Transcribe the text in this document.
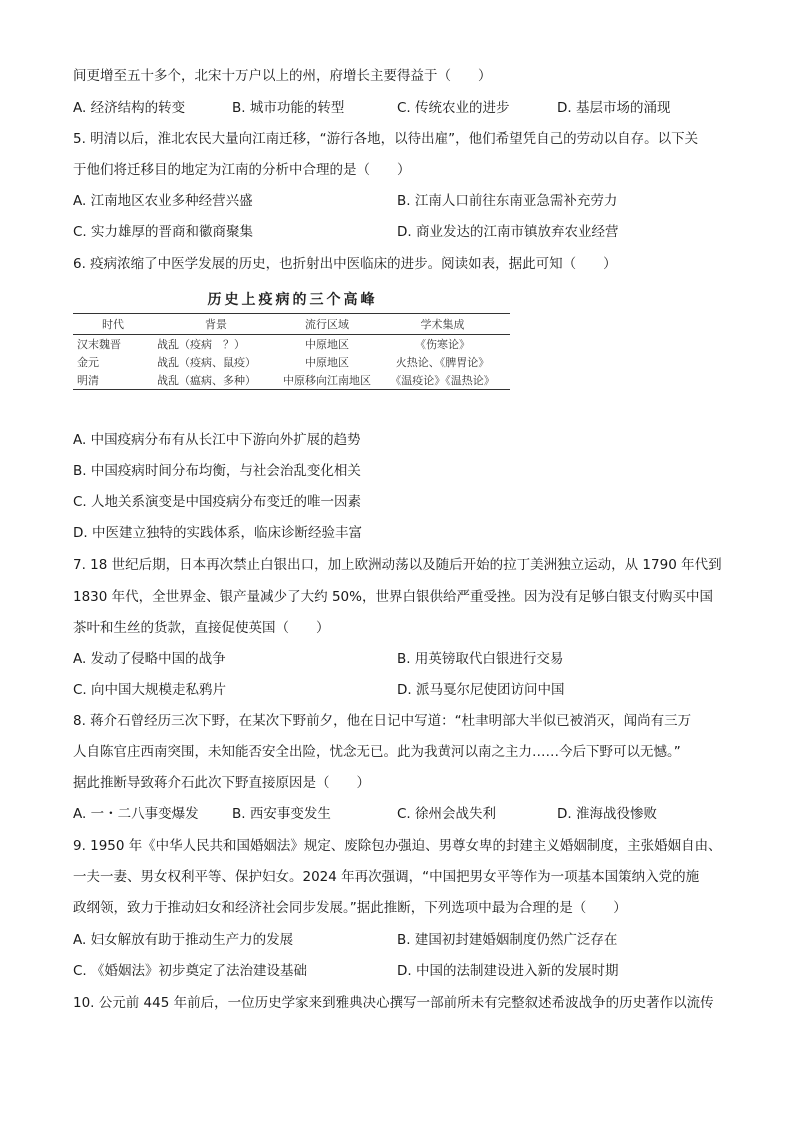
间更增至五十多个，北宋十万户以上的州，府增长主要得益于（　　）
A. 经济结构的转变	B. 城市功能的转型	C. 传统农业的进步	D. 基层市场的涌现
5. 明清以后，淮北农民大量向江南迁移，“游行各地，以待出雇”，他们希望凭自己的劳动以自存。以下关
于他们将迁移目的地定为江南的分析中合理的是（　　）
A. 江南地区农业多种经营兴盛	B. 江南人口前往东南亚急需补充劳力
C. 实力雄厚的晋商和徽商聚集	D. 商业发达的江南市镇放弃农业经营
6. 疫病浓缩了中医学发展的历史，也折射出中医临床的进步。阅读如表，据此可知（　　）
历史上疫病的三个高峰
时代	背景	流行区域	学术集成
汉末魏晋	战乱（疫病　？）	中原地区	《伤寒论》
金元	战乱（疫病、鼠疫）	中原地区	火热论、《脾胃论》
明清	战乱（瘟病、多种）	中原移向江南地区	《温疫论》《温热论》
A. 中国疫病分布有从长江中下游向外扩展的趋势
B. 中国疫病时间分布均衡，与社会治乱变化相关
C. 人地关系演变是中国疫病分布变迁的唯一因素
D. 中医建立独特的实践体系，临床诊断经验丰富
7. 18 世纪后期，日本再次禁止白银出口，加上欧洲动荡以及随后开始的拉丁美洲独立运动，从 1790 年代到
1830 年代，全世界金、银产量减少了大约 50%，世界白银供给严重受挫。因为没有足够白银支付购买中国
茶叶和生丝的货款，直接促使英国（　　）
A. 发动了侵略中国的战争	B. 用英镑取代白银进行交易
C. 向中国大规模走私鸦片	D. 派马戛尔尼使团访问中国
8. 蒋介石曾经历三次下野，在某次下野前夕，他在日记中写道：“杜聿明部大半似已被消灭，闻尚有三万
人自陈官庄西南突围，未知能否安全出险，忧念无已。此为我黄河以南之主力……今后下野可以无憾。”
据此推断导致蒋介石此次下野直接原因是（　　）
A. 一・二八事变爆发 B. 西安事变发生	C. 徐州会战失利	D. 淮海战役惨败
9. 1950 年《中华人民共和国婚姻法》规定、废除包办强迫、男尊女卑的封建主义婚姻制度，主张婚姻自由、
一夫一妻、男女权利平等、保护妇女。2024 年再次强调，“中国把男女平等作为一项基本国策纳入党的施
政纲领，致力于推动妇女和经济社会同步发展。”据此推断，下列选项中最为合理的是（　　）
A. 妇女解放有助于推动生产力的发展	B. 建国初封建婚姻制度仍然广泛存在
C. 《婚姻法》初步奠定了法治建设基础	D. 中国的法制建设进入新的发展时期
10. 公元前 445 年前后，一位历史学家来到雅典决心撰写一部前所未有完整叙述希波战争的历史著作以流传
